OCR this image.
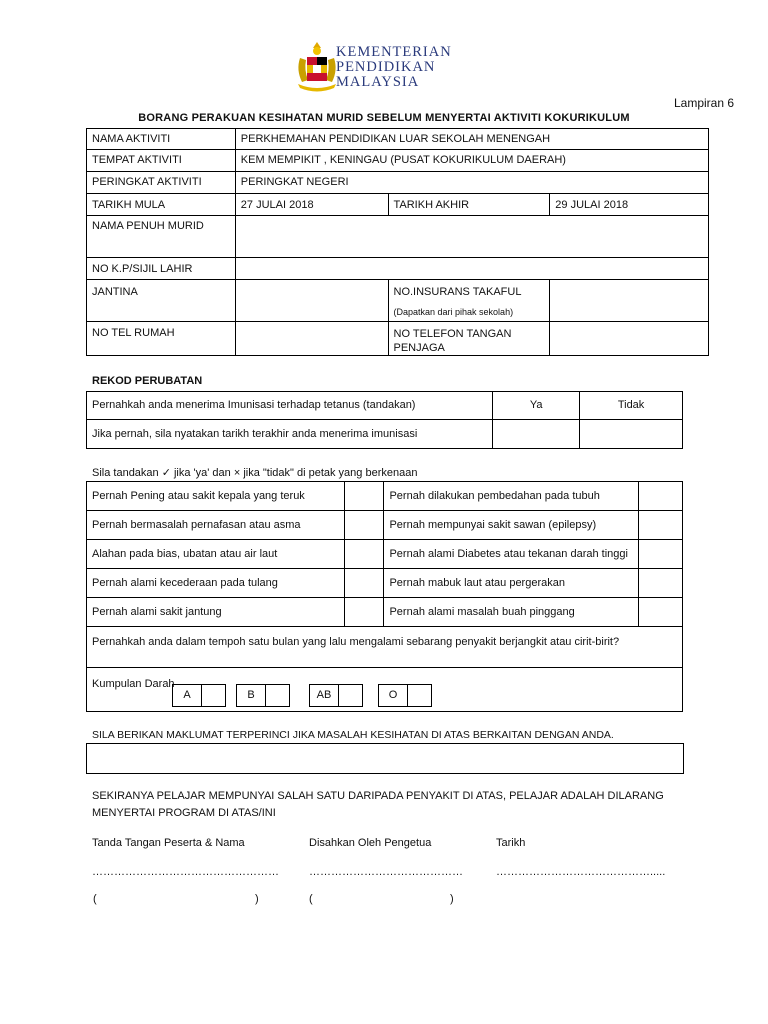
KEMENTERIAN
PENDIDIKAN
MALAYSIA
Lampiran 6
BORANG PERAKUAN KESIHATAN MURID SEBELUM MENYERTAI AKTIVITI KOKURIKULUM
NAMA AKTIVITI	PERKHEMAHAN PENDIDIKAN LUAR SEKOLAH MENENGAH		
TEMPAT AKTIVITI	KEM MEMPIKIT , KENINGAU (PUSAT KOKURIKULUM DAERAH)		
PERINGKAT AKTIVITI	PERINGKAT NEGERI		
TARIKH MULA	27 JULAI 2018	TARIKH AKHIR	29 JULAI 2018
NAMA PENUH MURID			
NO K.P/SIJIL LAHIR			
JANTINA		NO.INSURANS TAKAFUL
(Dapatkan dari pihak sekolah)	

NO TEL RUMAH		NO TELEFON TANGAN PENJAGA	
REKOD PERUBATAN
Pernahkah anda menerima Imunisasi terhadap tetanus (tandakan)	Ya	Tidak
Jika pernah, sila nyatakan tarikh terakhir anda menerima imunisasi		
Sila tandakan ✓ jika 'ya' dan × jika "tidak" di petak yang berkenaan
Pernah Pening atau sakit kepala yang teruk		Pernah dilakukan pembedahan pada tubuh	
Pernah bermasalah pernafasan atau asma		Pernah mempunyai sakit sawan (epilepsy)	
Alahan pada bias, ubatan atau air laut		Pernah alami Diabetes atau tekanan darah tinggi	
Pernah alami kecederaan pada tulang		Pernah mabuk laut atau pergerakan	
Pernah alami sakit jantung		Pernah alami masalah buah pinggang	
Pernahkah anda dalam tempoh satu bulan yang lalu mengalami sebarang penyakit berjangkit atau cirit-birit?			
Kumpulan Darah			
A	B	AB	O
SILA BERIKAN MAKLUMAT TERPERINCI JIKA MASALAH KESIHATAN DI ATAS BERKAITAN DENGAN ANDA.
SEKIRANYA PELAJAR MEMPUNYAI SALAH SATU DARIPADA PENYAKIT DI ATAS, PELAJAR ADALAH DILARANG
MENYERTAI PROGRAM DI ATAS/INI
Tanda Tangan Peserta & Nama	Disahkan Oleh Pengetua	Tarikh
……………………………………………	……………………………………	…………………………………….....
(	)	(	)
